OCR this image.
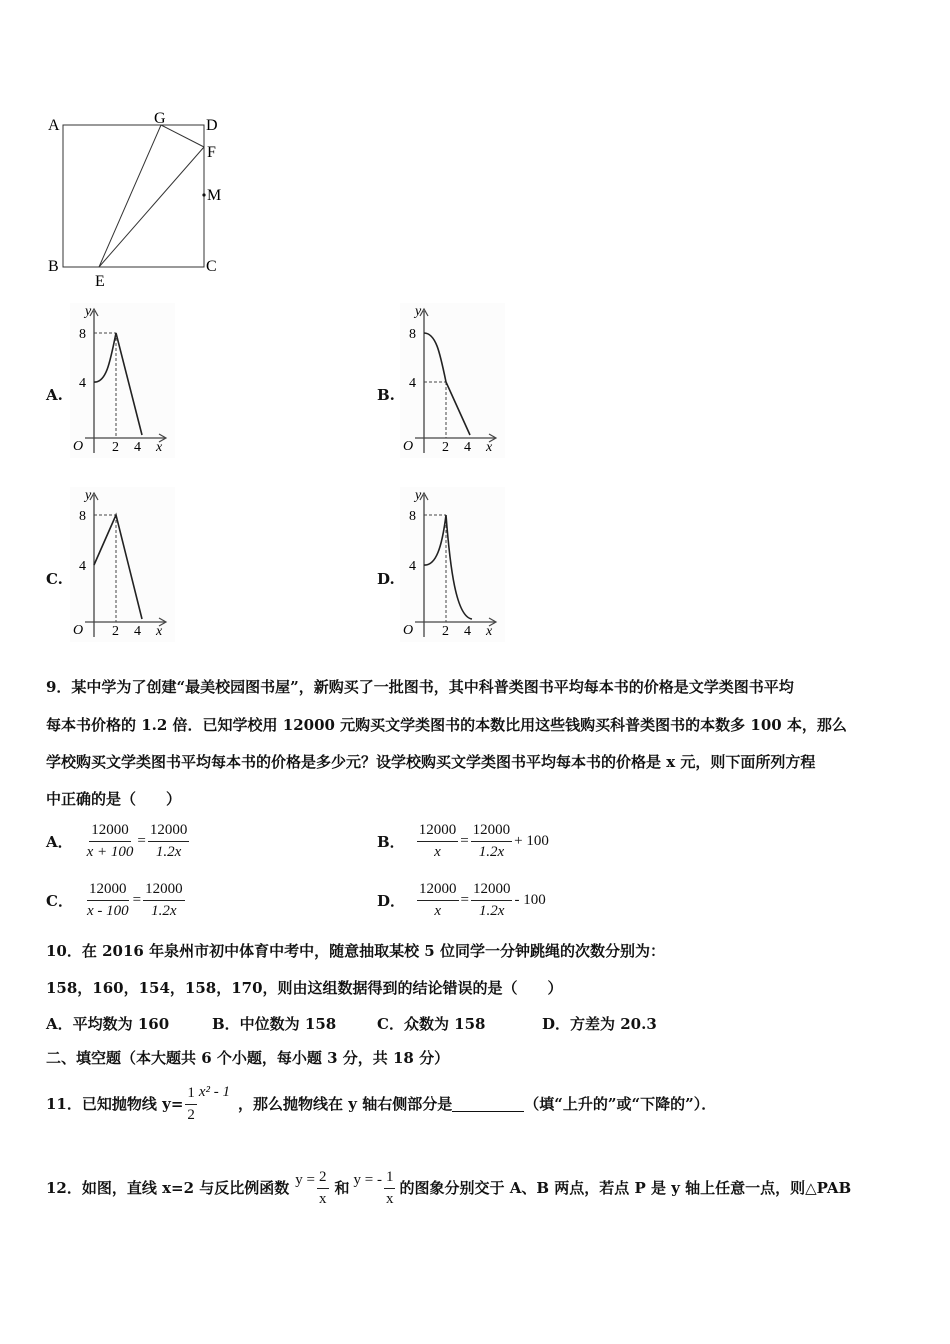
A	G	D
F
M
B
E
C
A.
y
8
4
O 2 4 x
B.
y
8
4
O 2 4 x
C.
y
8
4
O 2 4 x
D.
y
8
4
O 2 4 x
9．某中学为了创建“最美校园图书屋”，新购买了一批图书，其中科普类图书平均每本书的价格是文学类图书平均
每本书价格的 1.2 倍．已知学校用 12000 元购买文学类图书的本数比用这些钱购买科普类图书的本数多 100 本，那么
学校购买文学类图书平均每本书的价格是多少元？设学校购买文学类图书平均每本书的价格是 x 元，则下面所列方程
中正确的是（　　）
A． $\frac{12000}{x + 100} = \frac{12000}{1.2x}$	B． $\frac{12000}{x} = \frac{12000}{1.2x} + 100$
C． $\frac{12000}{x - 100} = \frac{12000}{1.2x}$	D． $\frac{12000}{x} = \frac{12000}{1.2x} - 100$
10．在 2016 年泉州市初中体育中考中，随意抽取某校 5 位同学一分钟跳绳的次数分别为：
158，160，154，158，170，则由这组数据得到的结论错误的是（　　）
A．平均数为 160	B．中位数为 158	C．众数为 158	D．方差为 20.3
二、填空题（本大题共 6 个小题，每小题 3 分，共 18 分）
11．已知抛物线 $y= \frac{1}{2} x^2 - 1$
，那么抛物线在 y 轴右侧部分是	（填“上升的”或“下降的”）．
12．如图，直线 x=2 与反比例函数 $y = \frac{2}{x}$ 和 y = - $\frac{1}{x}$ 的图象分别交于 A、B 两点，若点 P 是 y 轴上任意一点，则△PAB
